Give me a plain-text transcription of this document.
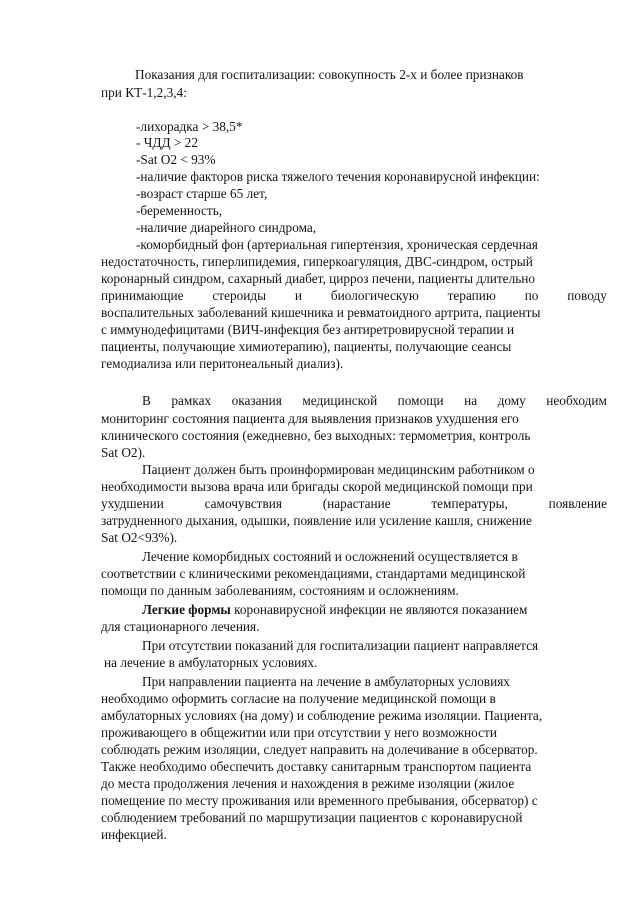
Показания для госпитализации: совокупность 2-х и более признаков
при КТ-1,2,3,4:
-лихорадка > 38,5*
- ЧДД > 22
-Sat O2 < 93%
-наличие факторов риска тяжелого течения коронавирусной инфекции:
-возраст старше 65 лет,
-беременность,
-наличие диарейного синдрома,
-коморбидный фон (артериальная гипертензия, хроническая сердечная
недостаточность, гиперлипидемия, гиперкоагуляция, ДВС-синдром, острый
коронарный синдром, сахарный диабет, цирроз печени, пациенты длительно
принимающие стероиды и биологическую терапию по поводу
воспалительных заболеваний кишечника и ревматоидного артрита, пациенты
с иммунодефицитами (ВИЧ-инфекция без антиретровирусной терапии и
пациенты, получающие химиотерапию), пациенты, получающие сеансы
гемодиализа или перитонеальный диализ).
В рамках оказания медицинской помощи на дому необходим
мониторинг состояния пациента для выявления признаков ухудшения его
клинического состояния (ежедневно, без выходных: термометрия, контроль
Sat O2).
Пациент должен быть проинформирован медицинским работником о
необходимости вызова врача или бригады скорой медицинской помощи при
ухудшении	самочувствия	(нарастание	температуры,	появление
затрудненного дыхания, одышки, появление или усиление кашля, снижение
Sat O2<93%).
Лечение коморбидных состояний и осложнений осуществляется в
соответствии с клиническими рекомендациями, стандартами медицинской
помощи по данным заболеваниям, состояниям и осложнениям.
Легкие формы коронавирусной инфекции не являются показанием
для стационарного лечения.
При отсутствии показаний для госпитализации пациент направляется
на лечение в амбулаторных условиях.
При направлении пациента на лечение в амбулаторных условиях
необходимо оформить согласие на получение медицинской помощи в
амбулаторных условиях (на дому) и соблюдение режима изоляции. Пациента,
проживающего в общежитии или при отсутствии у него возможности
соблюдать режим изоляции, следует направить на долечивание в обсерватор.
Также необходимо обеспечить доставку санитарным транспортом пациента
до места продолжения лечения и нахождения в режиме изоляции (жилое
помещение по месту проживания или временного пребывания, обсерватор) с
соблюдением требований по маршрутизации пациентов с коронавирусной
инфекцией.
